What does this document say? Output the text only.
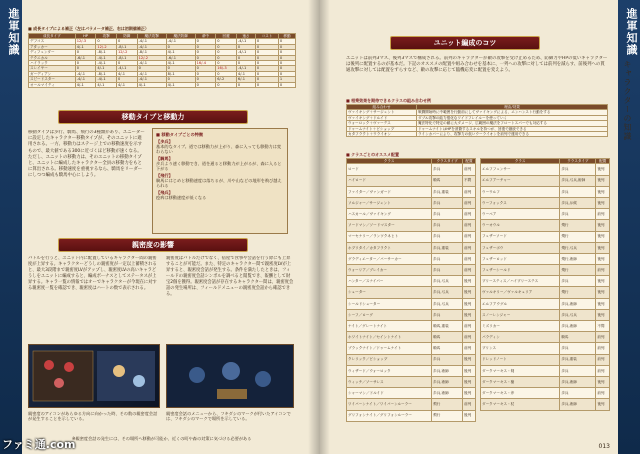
進軍知識 ■ 成長タイプによる補正（左はパラメータ補正、右は初期値補正）
成長タイプ	HP	攻撃	防御	魔法攻撃	魔法防御	命中	回避	速さ	コスト	移動
デフコス	12/-3	0	0	-4/-1	-4/-1	0	0	-4/-1	0	0
アタッカー	4/-1	12/-2	-8/-1	-4/-1	0	0	0	0	0	0
ディフェンダー	0	-8/-1	12/-2	-8/-1	4/-1	0	0	-4/-1	0	0
テクニカル	-6/-1	-4/-1	-8/-1	12/-2	-6/-1	0	0	0	0	0
ハイラック	0	-4/-1	0	-4/-1	4/-1	16/-4	0	0	0	0
スレイヤー	0	4/-1	-4/-1	0	0	0	16/-3	-4/-1	0	0
ガーディアン	-4/-1	-8/-1	4/-1	-4/-1	8/-1	0	0	4/-1	0	0
スピードスター	-4/-1	-4/-1	0	-4/-1	0	0	6/-2	6/-1	0	1
オールマイティ	4/-1	4/-1	4/-1	4/-1	4/-1	0	0	0	0	0
移動タイプと移動力
移動タイプは歩行、騎馬、飛行の3種類があり、ユニーダーに設定したキャラクター移動タイプが、そのユニットに適用される。一方、移動力はステージ上での移動速度を示すもので、最大値である300に近づくほど移動が速くなる。ただし、ユニットの移動力は、そのユニットの移動タイプと、ユニットに編成したキャラクター全員の移動力をもとに算出される。移動速度を重視するなら、騎馬をリーダーにしつつ編成も騎馬中心にしよう。
■ 移動タイプごとの特徴
【歩兵】
基本的なタイプ。道では移動力が上がり、森に入っても移動力は変わらない
【騎馬】
歩兵より速く移動でき、道を通ると移動力が上がるが、森に入ると下がる
【飛行】
騎馬にはじめと移動速度は落ちるが、川や山などの地形を飛び越えられる
【飛兵】
疫病は移動速度が低くなる
親密度の影響
バトルを行うと、ユニット内に配置しているキャラクター間の親密度が上昇する。キャラクターどうしの親密度が一定以上蓄積されると、最大3段階まで親密度LVがアップし、親密度LVの高いキャラどうしをユニットに編成すると、編成ボーナスとしてステータスが上昇する。キャラ一覧の情報ではオーでキャラクターが今現在に対する親密度一覧を確認でき、親密度はハートの数で表示される。
親密度はバトルだけでなく、宿屋で食事や会話を行う際にも上昇することが可能だ。また、特定のキャラクター間で親密度LVが上昇すると、親密度会話が発生する。条件を満たしたときは、フィールドの親密度会話シンボルを調べると閲覧でき、報酬として財宝2個を獲得。親密度会話が存在するキャラクター間は、親密度会話の発生場所は、フィールドメニューの親密度会話から確認できる。
親密度のアイコンがあらゆる方向に向かった時、その数の親密度会話が発生することを示している。
親密度会話のメニューから、フキダシのマークが付いたアイコンでは、フキダシのマークで場所を示している。
※親密度会話の発生には、その場所へ移動が可能か、近くの町や森の対策に気づける必要がある
ファミ通.com
進軍知識
キャラクターの知識
ユニット編成のコツ
ユニットは前列3マス、後列3マスで構成される。前列のキャラクターが敵の攻撃を受け止めるため、防御力やHPの低いキャラクターは後列に配置するのが基本だ。下記のオススメの配置や組み合わせを基本に、一列への攻撃に対しては前列を減らす、前後列への貫通攻撃に対しては配置をずらすなど、敵の攻撃に応じて臨機応変に配置を変えよう。
■ 相乗効果を期待できるクラスの組み合わせ例
組み合わせ	理由/効果
ヴァイキング＋サージェント	戦闘開始時に中範囲を行動前にしてヴァイキングによる、エンハンスト行動をする
ヴァイキング＋ドルイド	ダブル攻撃の能力強化なワイドフレイルーを使っていく
ウォーロック＋ヴァーデス	魔法特化で特定の敵に大ダメージ、広範囲の魔法をフロートスパーでも対応する
ドゥームナイト＋ビショップ	ドゥームナイトはHPを消費するスキルを持つが、回復で継続できる
カタフラクト＋ウライオン	ラインカバーにより、攻撃力の低いウーライオンを前列で運用できる
■ クラスごとのオススメ配置
クラス	クラスタイプ	配置
ロード	歩兵	前列
ハイロード	騎馬	不問
ファイター／ヴァンガード	歩兵,重装	前列
ソルジャー／サージェント	歩兵	前列
ハスカール／ヴァイキング	歩兵	前列
ソードマン／ソードマスター	歩兵	前列
マーセナリー／ランツクネヒト	歩兵	前列
ホプリタイ／カタフラクト	歩兵,重装	前列
グラディエーター／バーサーカー	歩兵	前列
ウォーリア／ブレイカー	歩兵	前列
ハンター／スナイパー	歩兵,弓兵	後列
シューター	歩兵,弓兵	後列
シールドシューター	歩兵,弓兵	後列
シーフ／ローグ	歩兵	後列
ナイト／グレートナイト	騎馬,重装	前列
ホワイトナイト／セイントナイト	騎馬	前列
ブラックナイト／ドゥームナイト	騎馬	前列
クレリック／ビショップ	歩兵	後列
ウィザード／ウォーロック	歩兵,術師	後列
ウィッチ／ソーサレス	歩兵,術師	後列
シャーマン／ドルイド	歩兵,術師	後列
ワイバーンナイト／ワイバーンルーラー	飛行	前列
グリフォンナイト／グリフォンルーラー	飛行	後列
クラス	クラスタイプ	配置
エルフフェンサー	歩兵	後列
エルフアーチャー	歩兵,弓兵,術師	後列
ウーウルフ	歩兵	後列
ウーフォックス	歩兵,斥候	後列
ウーベア	歩兵	前列
ウーオウル	飛行	後列
フェザーソード	飛行	後列
フェザーボウ	飛行,弓兵	後列
フェザーロッド	飛行,術師	後列
フェザーシールド	飛行	前列
プリースティス／ハイプリーステス	歩兵	後列
ヴァルキリー／ヴァルキュリア	飛行	後列
エルフアウグル	歩兵,術師	後列
スノーレンジャー	歩兵,弓兵	後列
ミズリカー	歩兵,術師	不問
パラディン	騎馬	前列
プリンス	歩兵	前列
ドレッドノート	歩兵,重装	前列
ダークマーキス・剣	歩兵	前列
ダークマーキス・槍	歩兵,術師	後列
ダークマーキス・斧	歩兵	前列
ダークマーキス・杖	歩兵,術師	後列
013
